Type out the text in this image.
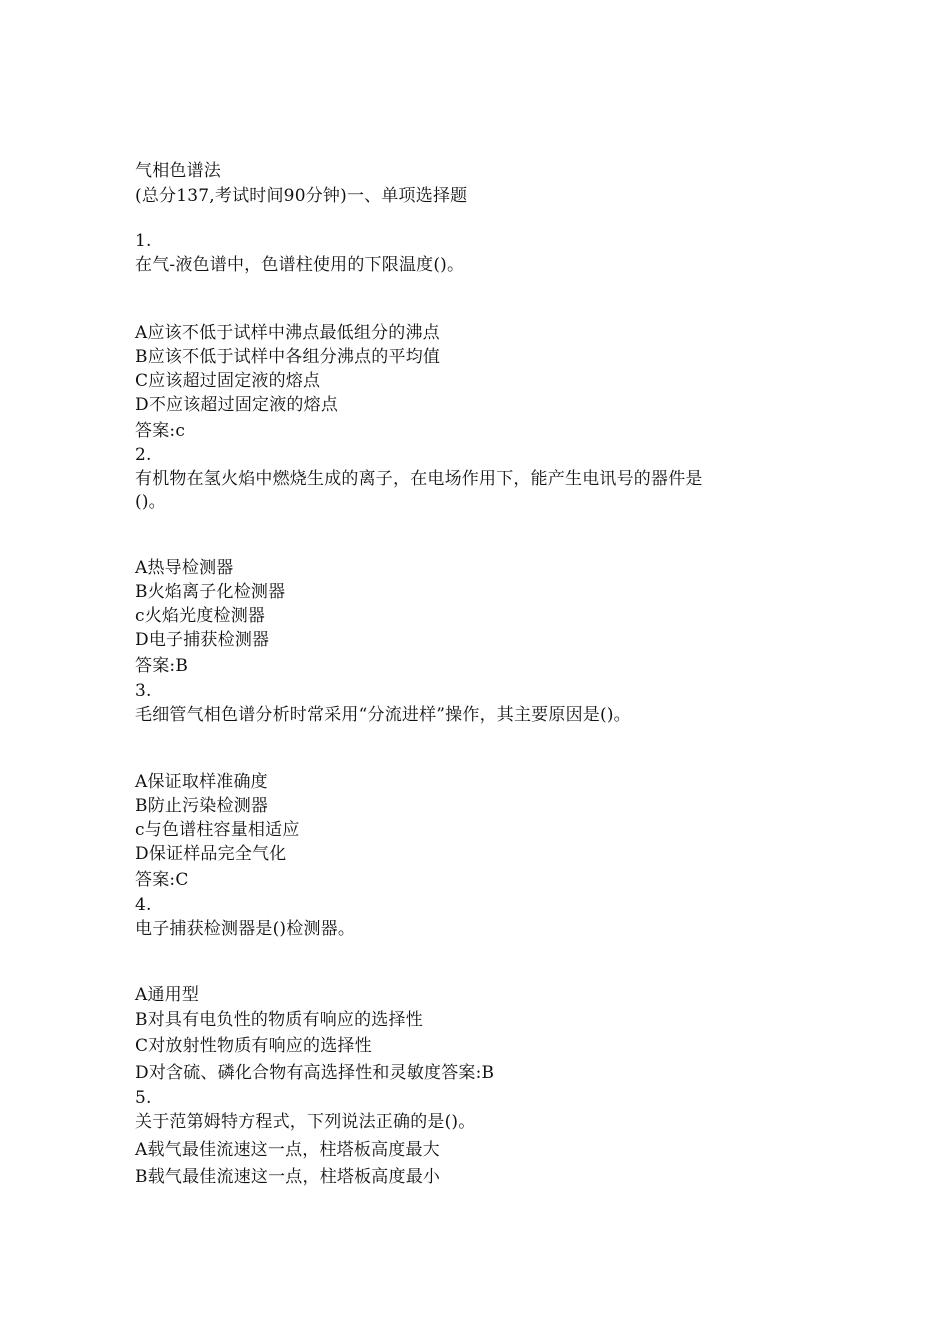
气相色谱法
(总分137,考试时间90分钟)一、单项选择题
1.
在气-液色谱中，色谱柱使用的下限温度()。
A应该不低于试样中沸点最低组分的沸点
B应该不低于试样中各组分沸点的平均值
C应该超过固定液的熔点
D不应该超过固定液的熔点
答案:c
2.
有机物在氢火焰中燃烧生成的离子，在电场作用下，能产生电讯号的器件是
()。
A热导检测器
B火焰离子化检测器
c火焰光度检测器
D电子捕获检测器
答案:B
3.
毛细管气相色谱分析时常采用“分流进样”操作，其主要原因是()。
A保证取样准确度
B防止污染检测器
c与色谱柱容量相适应
D保证样品完全气化
答案:C
4.
电子捕获检测器是()检测器。
A通用型
B对具有电负性的物质有响应的选择性
C对放射性物质有响应的选择性
D对含硫、磷化合物有高选择性和灵敏度答案:B
5.
关于范第姆特方程式，下列说法正确的是()。
A载气最佳流速这一点，柱塔板高度最大
B载气最佳流速这一点，柱塔板高度最小
